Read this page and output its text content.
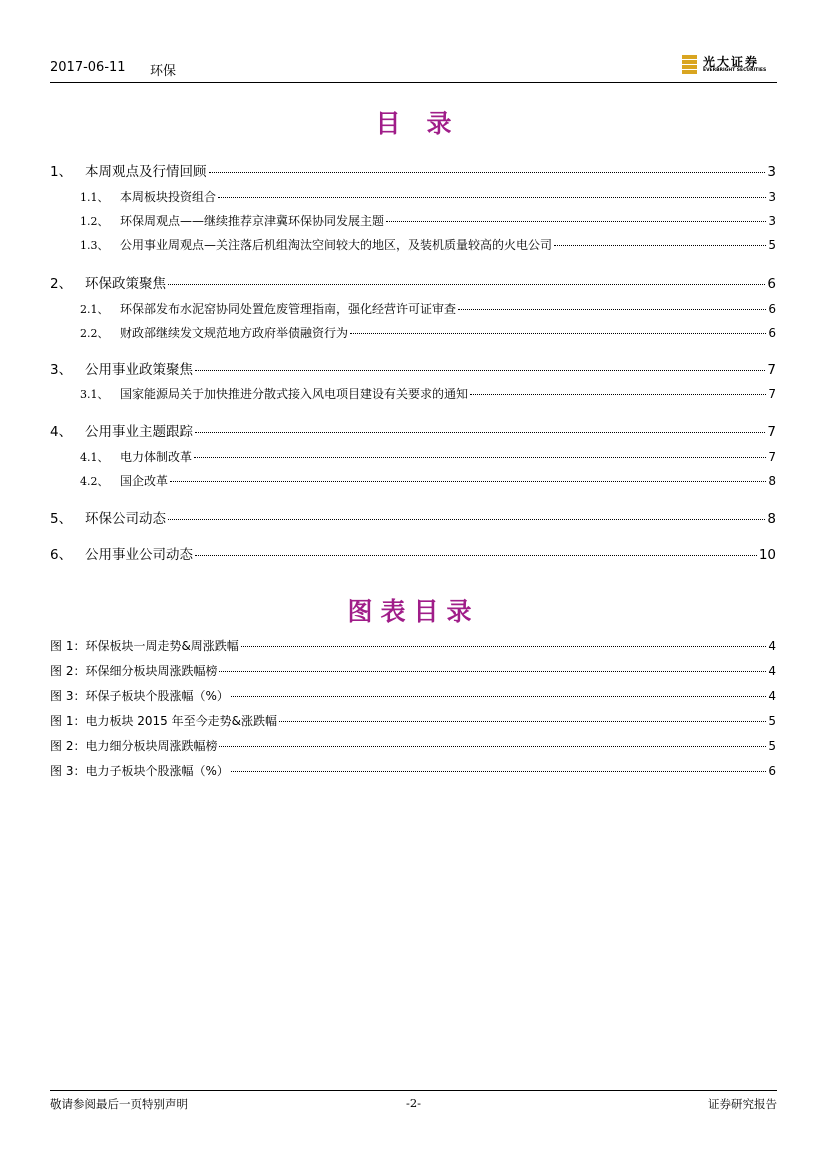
2017-06-11 环保
光大证券
EVERBRIGHT SECURITIES
目录
1、 本周观点及行情回顾	3
1.1、 本周板块投资组合	3
1.2、 环保周观点——继续推荐京津冀环保协同发展主题	3
1.3、 公用事业周观点—关注落后机组淘汰空间较大的地区，及装机质量较高的火电公司	5
2、 环保政策聚焦	6
2.1、 环保部发布水泥窑协同处置危废管理指南，强化经营许可证审查	6
2.2、 财政部继续发文规范地方政府举债融资行为	6
3、 公用事业政策聚焦	7
3.1、 国家能源局关于加快推进分散式接入风电项目建设有关要求的通知	7
4、 公用事业主题跟踪	7
4.1、 电力体制改革	7
4.2、 国企改革	8
5、 环保公司动态	8
6、 公用事业公司动态	10
图表目录
图 1：环保板块一周走势&周涨跌幅	4
图 2：环保细分板块周涨跌幅榜	4
图 3：环保子板块个股涨幅（%）	4
图 1：电力板块 2015 年至今走势&涨跌幅	5
图 2：电力细分板块周涨跌幅榜	5
图 3：电力子板块个股涨幅（%）	6
敬请参阅最后一页特别声明	-2-	证券研究报告
